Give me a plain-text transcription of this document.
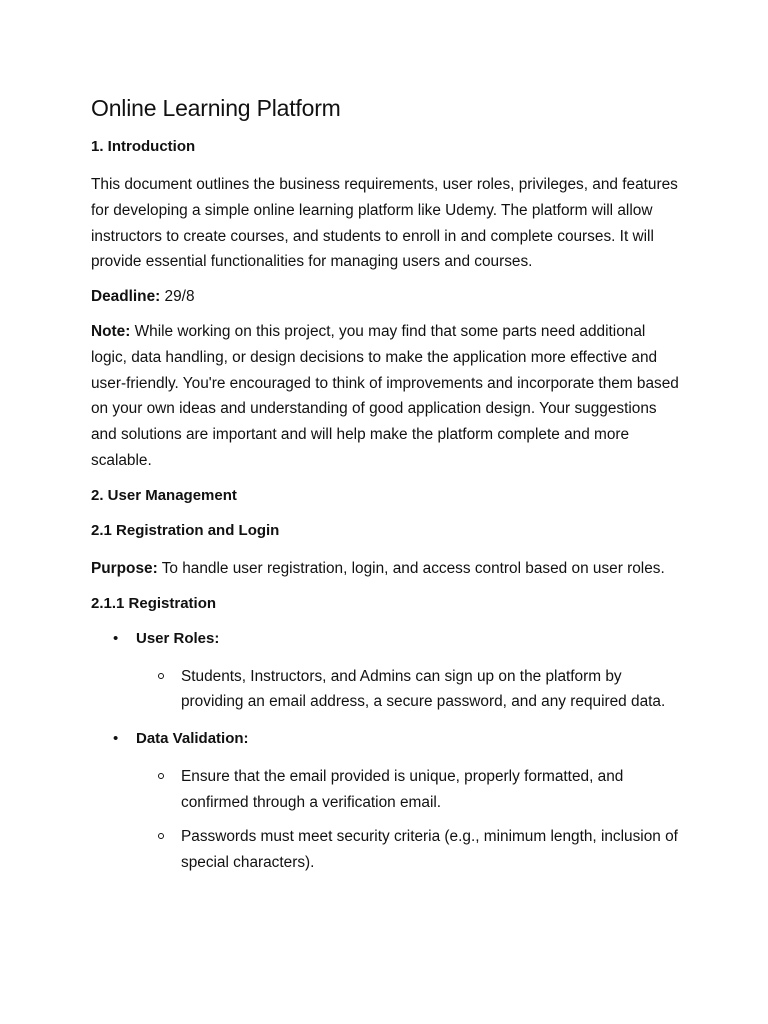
Online Learning Platform
1. Introduction
This document outlines the business requirements, user roles, privileges, and features for developing a simple online learning platform like Udemy. The platform will allow instructors to create courses, and students to enroll in and complete courses. It will provide essential functionalities for managing users and courses.
Deadline: 29/8
Note: While working on this project, you may find that some parts need additional logic, data handling, or design decisions to make the application more effective and user-friendly. You're encouraged to think of improvements and incorporate them based on your own ideas and understanding of good application design. Your suggestions and solutions are important and will help make the platform complete and more scalable.
2. User Management
2.1 Registration and Login
Purpose: To handle user registration, login, and access control based on user roles.
2.1.1 Registration
• User Roles:
Students, Instructors, and Admins can sign up on the platform by providing an email address, a secure password, and any required data.
• Data Validation:
Ensure that the email provided is unique, properly formatted, and confirmed through a verification email.
Passwords must meet security criteria (e.g., minimum length, inclusion of special characters).
